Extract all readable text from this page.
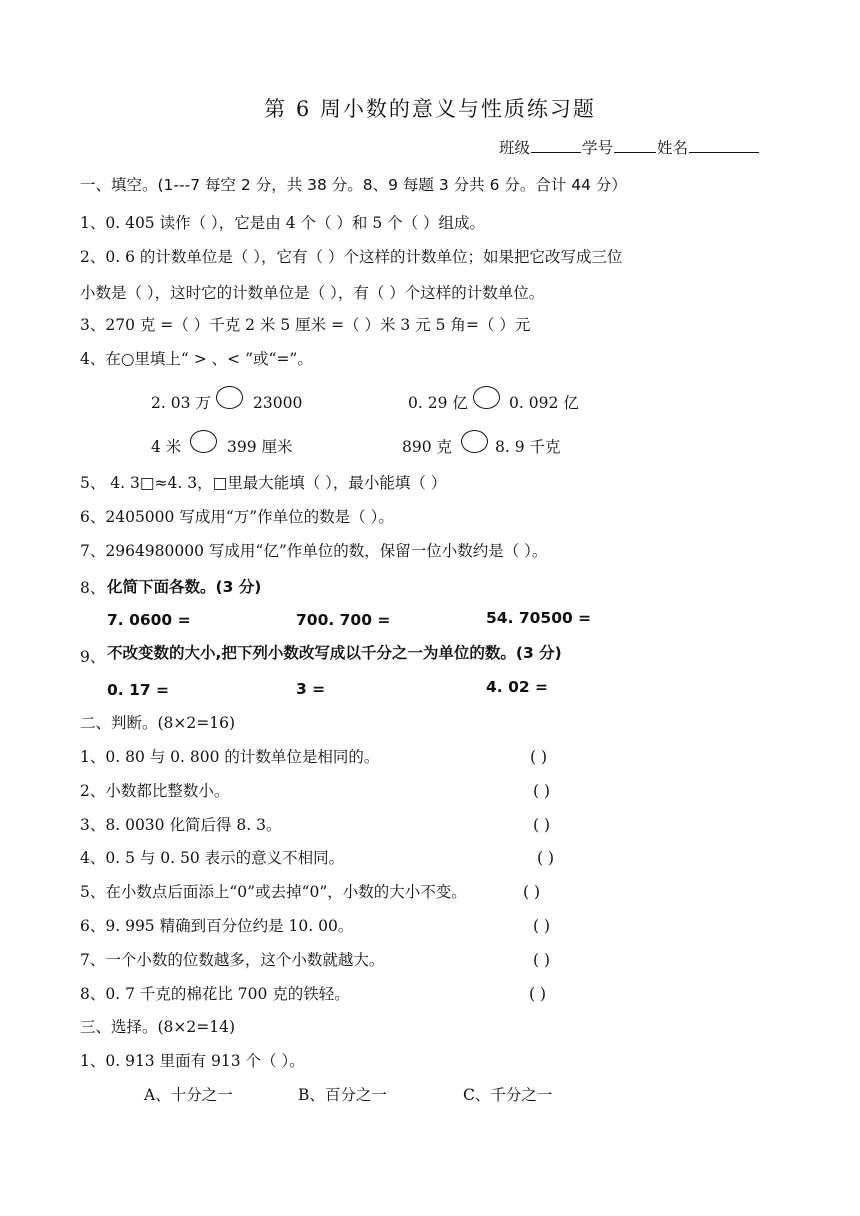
第 6 周小数的意义与性质练习题
班级	学号	姓名
一、填空。(1---7 每空 2 分，共 38 分。8、9 每题 3 分共 6 分。合计 44 分）
1、0. 405 读作（ ），它是由 4 个（ ）和 5 个（ ）组成。
2、0. 6 的计数单位是（ ），它有（ ）个这样的计数单位；如果把它改写成三位
小数是（ ），这时它的计数单位是（ ），有（ ）个这样的计数单位。
3、270 克 =（ ）千克 2 米 5 厘米 =（ ）米 3 元 5 角=（ ）元
4、在○里填上“ > 、< ”或“=”。
2. 03 万	23000	0. 29 亿	0. 092 亿
4 米	399 厘米	890 克	8. 9 千克
5、 4. 3□≈4. 3，□里最大能填（ ），最小能填（ ）
6、2405000 写成用“万”作单位的数是（ ）。
7、2964980000 写成用“亿”作单位的数，保留一位小数约是（ ）。
8、 化简下面各数。(3 分)
7. 0600 =	700. 700 =	54. 70500 =
9、 不改变数的大小,把下列小数改写成以千分之一为单位的数。(3 分)
0. 17 =	3 =	4. 02 =
二、判断。(8×2=16)
1、0. 80 与 0. 800 的计数单位是相同的。	( )
2、小数都比整数小。	( )
3、8. 0030 化简后得 8. 3。	( )
4、0. 5 与 0. 50 表示的意义不相同。	( )
5、在小数点后面添上“0”或去掉“0”，小数的大小不变。	( )
6、9. 995 精确到百分位约是 10. 00。	( )
7、一个小数的位数越多，这个小数就越大。	( )
8、0. 7 千克的棉花比 700 克的铁轻。	( )
三、选择。(8×2=14)
1、0. 913 里面有 913 个（ ）。
A、十分之一	B、百分之一	C、千分之一
